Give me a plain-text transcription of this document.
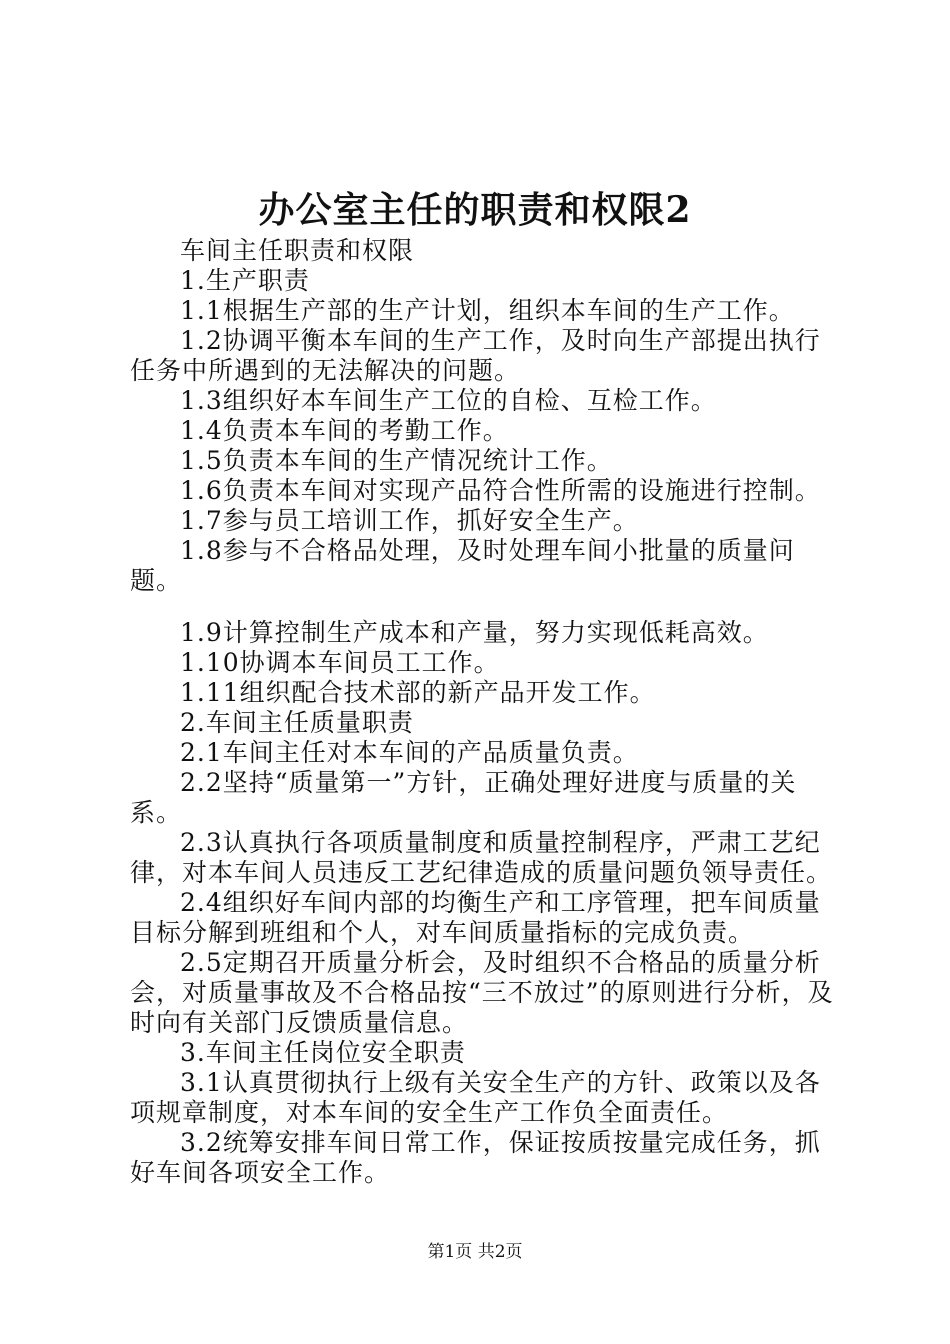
办公室主任的职责和权限2

车间主任职责和权限

1.生产职责

1.1根据生产部的生产计划，组织本车间的生产工作。

1.2协调平衡本车间的生产工作，及时向生产部提出执行任务中所遇到的无法解决的问题。

1.3组织好本车间生产工位的自检、互检工作。

1.4负责本车间的考勤工作。

1.5负责本车间的生产情况统计工作。

1.6负责本车间对实现产品符合性所需的设施进行控制。

1.7参与员工培训工作，抓好安全生产。

1.8参与不合格品处理，及时处理车间小批量的质量问题。

1.9计算控制生产成本和产量，努力实现低耗高效。

1.10协调本车间员工工作。

1.11组织配合技术部的新产品开发工作。

2.车间主任质量职责

2.1车间主任对本车间的产品质量负责。

2.2坚持“质量第一”方针，正确处理好进度与质量的关系。

2.3认真执行各项质量制度和质量控制程序，严肃工艺纪律，对本车间人员违反工艺纪律造成的质量问题负领导责任。

2.4组织好车间内部的均衡生产和工序管理，把车间质量目标分解到班组和个人，对车间质量指标的完成负责。

2.5定期召开质量分析会，及时组织不合格品的质量分析会，对质量事故及不合格品按“三不放过”的原则进行分析，及时向有关部门反馈质量信息。

3.车间主任岗位安全职责

3.1认真贯彻执行上级有关安全生产的方针、政策以及各项规章制度，对本车间的安全生产工作负全面责任。

3.2统筹安排车间日常工作，保证按质按量完成任务，抓好车间各项安全工作。

第1页 共2页
